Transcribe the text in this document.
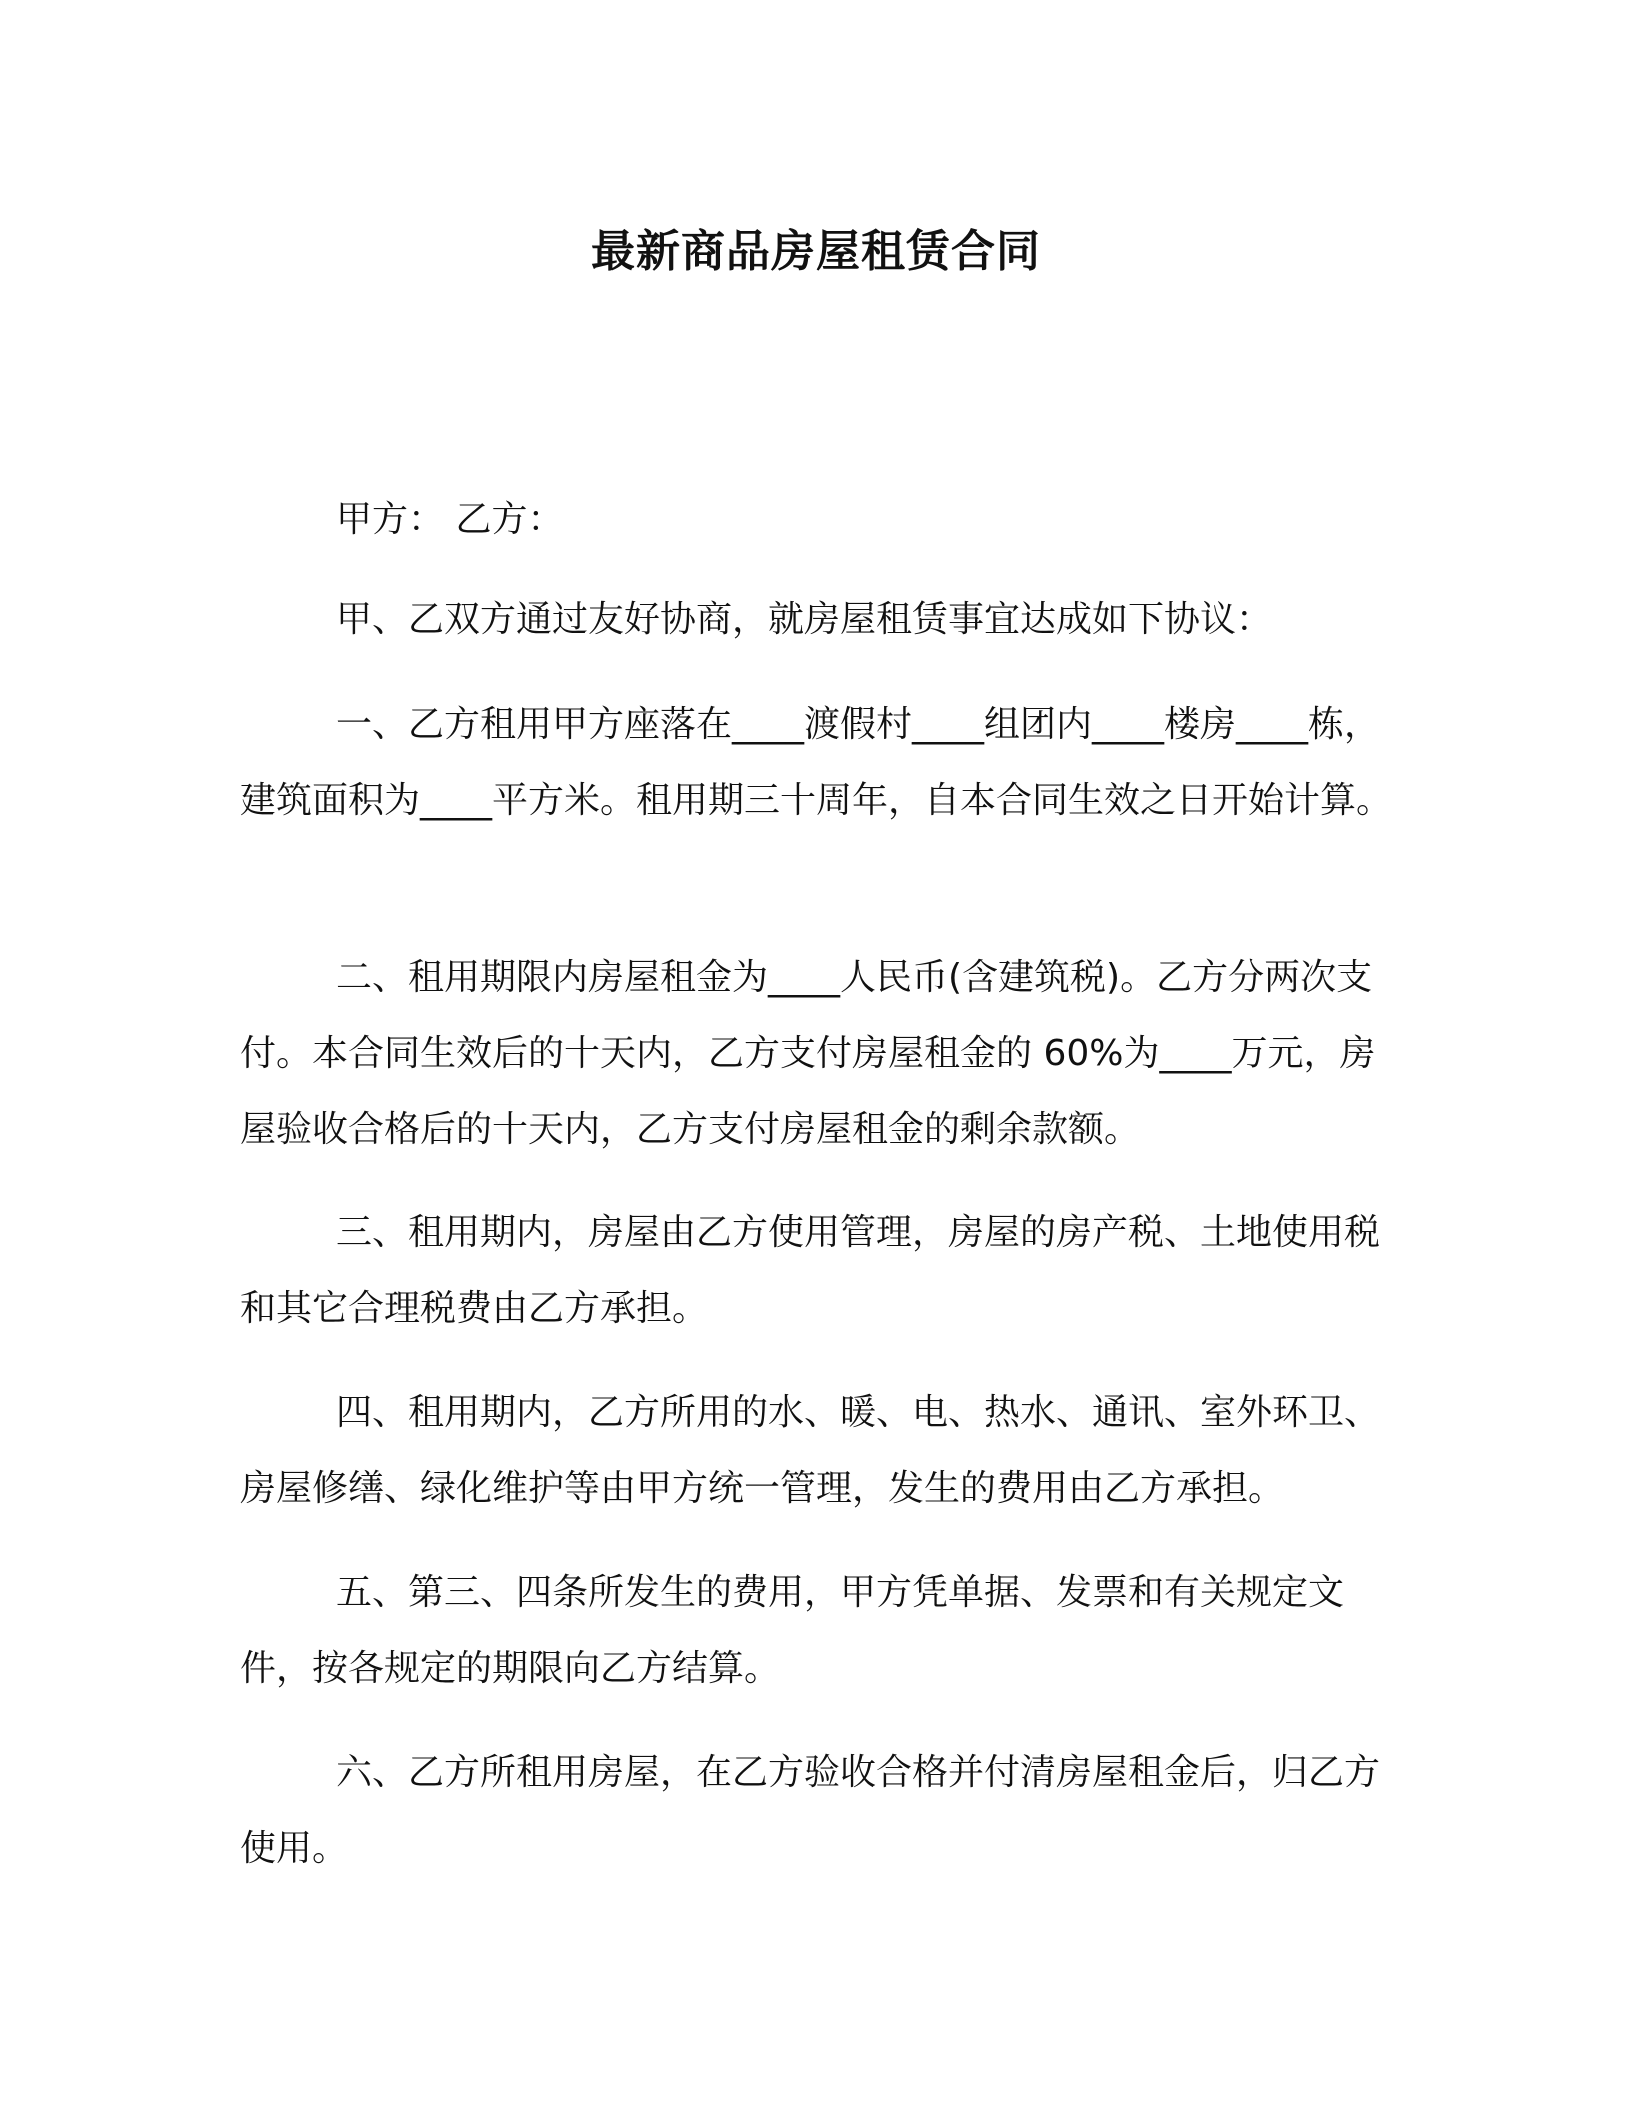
最新商品房屋租赁合同

甲方： 乙方：

甲、乙双方通过友好协商，就房屋租赁事宜达成如下协议：

一、乙方租用甲方座落在____渡假村____组团内____楼房____栋，建筑面积为____平方米。租用期三十周年，自本合同生效之日开始计算。

二、租用期限内房屋租金为____人民币(含建筑税)。乙方分两次支付。本合同生效后的十天内，乙方支付房屋租金的 60%为____万元，房屋验收合格后的十天内，乙方支付房屋租金的剩余款额。

三、租用期内，房屋由乙方使用管理，房屋的房产税、土地使用税和其它合理税费由乙方承担。

四、租用期内，乙方所用的水、暖、电、热水、通讯、室外环卫、房屋修缮、绿化维护等由甲方统一管理，发生的费用由乙方承担。

五、第三、四条所发生的费用，甲方凭单据、发票和有关规定文件，按各规定的期限向乙方结算。

六、乙方所租用房屋，在乙方验收合格并付清房屋租金后，归乙方使用。
